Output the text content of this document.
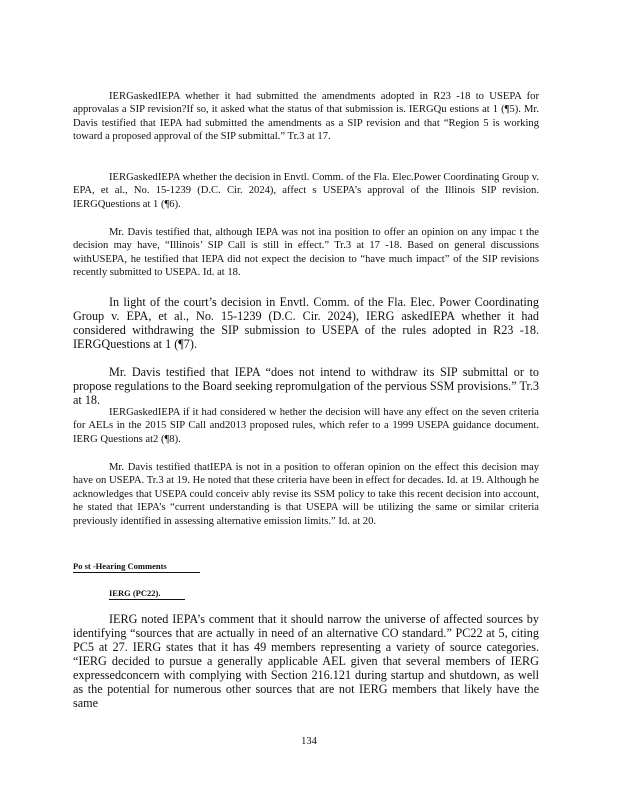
IERGaskedIEPA whether it had submitted the amendments adopted in R23 -18 to USEPA for approvalas a SIP revision?If so, it asked what the status of that submission is. IERGQu estions at 1 (¶5). Mr. Davis testified that IEPA had submitted the amendments as a SIP revision and that “Region 5 is working toward a proposed approval of the SIP submittal.” Tr.3 at 17.

IERGaskedIEPA whether the decision in Envtl. Comm. of the Fla. Elec.Power Coordinating Group v. EPA, et al., No. 15-1239 (D.C. Cir. 2024), affect s USEPA’s approval of the Illinois SIP revision. IERGQuestions at 1 (¶6).

Mr. Davis testified that, although IEPA was not ina position to offer an opinion on any impac t the decision may have, “Illinois’ SIP Call is still in effect.” Tr.3 at 17 -18. Based on general discussions withUSEPA, he testified that IEPA did not expect the decision to “have much impact” of the SIP revisions recently submitted to USEPA. Id. at 18.

In light of the court’s decision in Envtl. Comm. of the Fla. Elec. Power Coordinating Group v. EPA, et al., No. 15-1239 (D.C. Cir. 2024), IERG askedIEPA whether it had considered withdrawing the SIP submission to USEPA of the rules adopted in R23 -18. IERGQuestions at 1 (¶7).

Mr. Davis testified that IEPA “does not intend to withdraw its SIP submittal or to propose regulations to the Board seeking repromulgation of the pervious SSM provisions.” Tr.3 at 18.

IERGaskedIEPA if it had considered w hether the decision will have any effect on the seven criteria for AELs in the 2015 SIP Call and2013 proposed rules, which refer to a 1999 USEPA guidance document. IERG Questions at2 (¶8).

Mr. Davis testified thatIEPA is not in a position to offeran opinion on the effect this decision may have on USEPA. Tr.3 at 19. He noted that these criteria have been in effect for decades. Id. at 19. Although he acknowledges that USEPA could conceiv ably revise its SSM policy to take this recent decision into account, he stated that IEPA’s “current understanding is that USEPA will be utilizing the same or similar criteria previously identified in assessing alternative emission limits.” Id. at 20.

Po st -Hearing Comments

IERG (PC22).

IERG noted IEPA’s comment that it should narrow the universe of affected sources by identifying “sources that are actually in need of an alternative CO standard.” PC22 at 5, citing PC5 at 27. IERG states that it has 49 members representing a variety of source categories. “IERG decided to pursue a generally applicable AEL given that several members of IERG expressedconcern with complying with Section 216.121 during startup and shutdown, as well as the potential for numerous other sources that are not IERG members that likely have the same

134
